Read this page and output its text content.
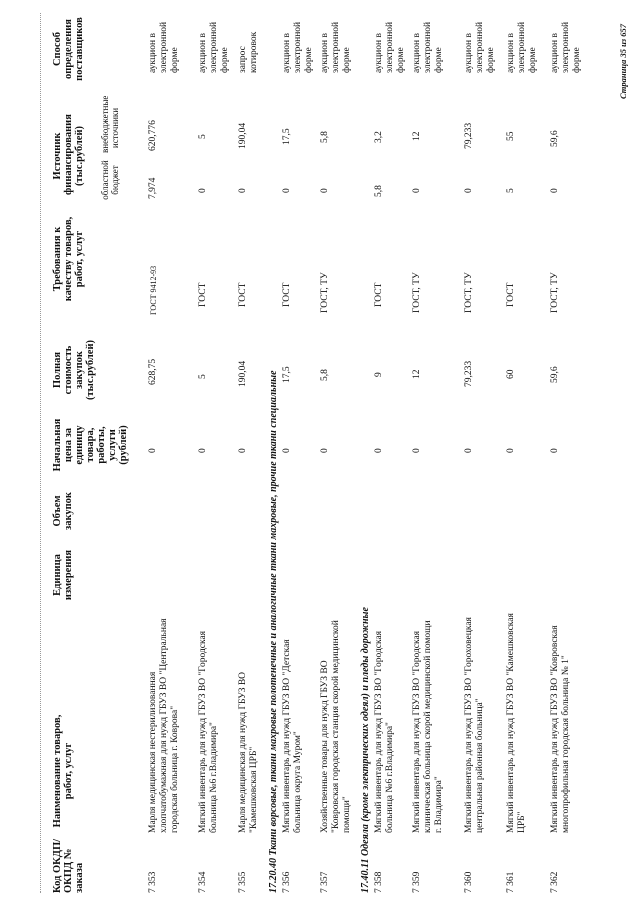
Код ОКДП/ ОКПД № заказа
Наименование товаров, работ, услуг
Единица измерения
Объем закупок
Начальная цена за единицу товара, работы, услуги (рублей)
Полная стоимость закупок (тыс.рублей)
Требования к качеству товаров, работ, услуг
Источник финансирования (тыс.рублей) областной бюджет
внебюджетные источники
Способ определения поставщиков
7 353
Марля медицинская нестерилизованная хлопчатобумажная для нужд ГБУЗ ВО "Центральная городская больница г. Коврова"
0
628,75
ГОСТ 9412-93
7,974
620,776
аукцион в электронной форме
7 354
Мягкий инвентарь для нужд ГБУЗ ВО "Городская больница №6 г.Владимира"
0
5
ГОСТ
0
5
аукцион в электронной форме
7 355
Марля медицинская для нужд ГБУЗ ВО "Камешковская ЦРБ"
0
190,04
ГОСТ
0
190,04
запрос котировок
17.20.40 Ткани ворсовые, ткани махровые полотенечные и аналогичные ткани махровые, прочие ткани специальные
7 356
Мягкий инвентарь для нужд ГБУЗ ВО "Детская больница округа Муром"
0
17,5
ГОСТ
0
17,5
аукцион в электронной форме
7 357
Хозяйственные товары для нужд ГБУЗ ВО "Ковровская городская станция скорой медицинской помощи"
0
5,8
ГОСТ, ТУ
0
5,8
аукцион в электронной форме
17.40.11 Одеяла (кроме электрических одеял) и пледы дорожные
7 358
Мягкий инвентарь для нужд ГБУЗ ВО "Городская больница №6 г.Владимира"
0
9
ГОСТ
5,8
3,2
аукцион в электронной форме
7 359
Мягкий инвентарь для нужд ГБУЗ ВО "Городская клиническая больница скорой медицинской помощи г. Владимира"
0
12
ГОСТ, ТУ
0
12
аукцион в электронной форме
7 360
Мягкий инвентарь для нужд ГБУЗ ВО "Гороховецкая центральная районная больница"
0
79,233
ГОСТ, ТУ
0
79,233
аукцион в электронной форме
7 361
Мягкий инвентарь для нужд ГБУЗ ВО "Камешковская ЦРБ"
0
60
ГОСТ
5
55
аукцион в электронной форме
7 362
Мягкий инвентарь для нужд ГБУЗ ВО "Ковровская многопрофильная городская больница № 1"
0
59,6
ГОСТ, ТУ
0
59,6
аукцион в электронной форме	Страница 35 из 657
